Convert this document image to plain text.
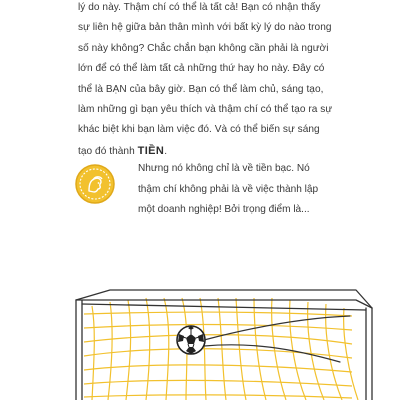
lý do này. Thậm chí có thể là tất cả! Bạn có nhận thấy sự liên hệ giữa bản thân mình với bất kỳ lý do nào trong số này không? Chắc chắn bạn không cần phải là người lớn để có thể làm tất cả những thứ hay ho này. Đây có thể là BẠN của bây giờ. Bạn có thể làm chủ, sáng tạo, làm những gì bạn yêu thích và thậm chí có thể tạo ra sự khác biệt khi bạn làm việc đó. Và có thể biến sự sáng tạo đó thành TIỀN.

Nhưng nó không chỉ là về tiền bạc. Nó thậm chí không phải là về việc thành lập một doanh nghiệp! Bởi trọng điểm là...
